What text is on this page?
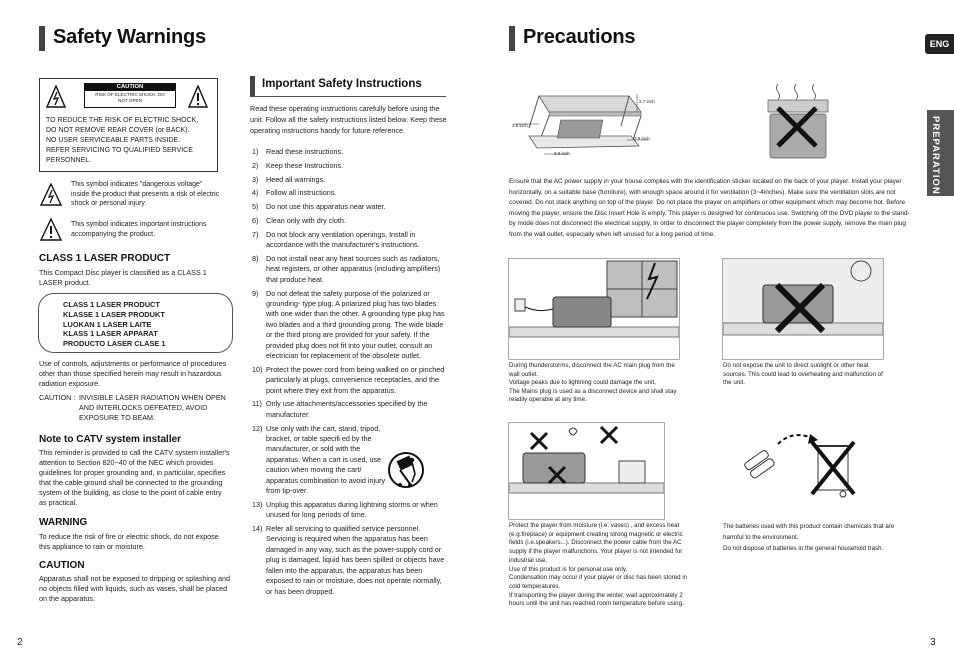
Safety Warnings
CAUTION
RISK OF ELECTRIC SHOCK. DO NOT OPEN
TO REDUCE THE RISK OF ELECTRIC SHOCK,
DO NOT REMOVE REAR COVER (or BACK).
NO USER SERVICEABLE PARTS INSIDE.
REFER SERVICING TO QUALIFIED SERVICE
PERSONNEL.
This symbol indicates "dangerous voltage" inside the product that presents a risk of electric shock or personal injury.
This symbol indicates important instructions accompanying the product.
CLASS 1 LASER PRODUCT
This Compact Disc player is classified as a CLASS 1 LASER product.
CLASS 1 LASER PRODUCT
KLASSE 1 LASER PRODUKT
LUOKAN 1 LASER LAITE
KLASS 1 LASER APPARAT
PRODUCTO LASER CLASE 1
Use of controls, adjustments or performance of procedures other than those specified herein may result in hazardous radiation exposure.
CAUTION : INVISIBLE LASER RADIATION WHEN OPEN AND INTERLOCKS DEFEATED, AVOID EXPOSURE TO BEAM.
Note to CATV system installer
This reminder is provided to call the CATV system installer's attention to Section 820~40 of the NEC which provides guidelines for proper grounding and, in particular, specifies that the cable ground shall be connected to the grounding system of the building, as close to the point of cable entry as practical.
WARNING
To reduce the risk of fire or electric shock, do not expose this appliance to rain or moisture.
CAUTION
Apparatus shall not be exposed to dripping or splashing and no objects filled with liquids, such as vases, shall be placed on the apparatus.
2
Important Safety Instructions
Read these operating instructions carefully before using the unit. Follow all the safety instructions listed below. Keep these operating instructions handy for future reference.
1) Read these instructions.
2) Keep these Instructions.
3) Heed all warnings.
4) Follow all instructions.
5) Do not use this apparatus near water.
6) Clean only with dry cloth.
7) Do not block any ventilation openings, Install in accordance with the manufacturer's instructions.
8) Do not install near any heat sources such as radiators, heat registers, or other apparatus (including amplifiers) that produce heat.
9) Do not defeat the safety purpose of the polarized or grounding- type plug. A polarized plug has two blades with one wider than the other. A grounding type plug has two blades and a third grounding prong. The wide blade or the third prong are provided for your safety. If the provided plug does not fit into your outlet, consult an electrician for replacement of the obsolete outlet.
10) Protect the power cord from being walked on or pinched particularly at plugs, convenience receptacles, and the point where they exit from the apparatus.
11) Only use attachments/accessories specified by the manufacturer.
12) Use only with the cart, stand, tripod, bracket, or table specifi ed by the manufacturer, or sold with the apparatus. When a cart is used, use caution when moving the cart/ apparatus combination to avoid injury from tip-over.
13) Unplug this apparatus during lightning storms or when unused for long periods of time.
14) Refer all servicing to qualified service personnel. Servicing is required when the apparatus has been damaged in any way, such as the power-supply cord or plug is damaged, liquid has been spilled or objects have fallen into the apparatus, the apparatus has been exposed to rain or moisture, does not operate normally, or has been dropped.
Precautions	ENG
PREPARATION
2.7 inch
3.9 inch
3.9 inch
3.9 inch
Ensure that the AC power supply in your house complies with the identification sticker located on the back of your player. Install your player horizontally, on a suitable base (furniture), with enough space around it for ventilation (3~4inches). Make sure the ventilation slots are not covered. Do not stack anything on top of the player. Do not place the player on amplifiers or other equipment which may become hot. Before moving the player, ensure the Disc Insert Hole is empty. This player is designed for continuous use. Switching off the DVD player to the stand-by mode does not disconnect the electrical supply. In order to disconnect the player completely from the power supply, remove the main plug from the wall outlet, especially when left unused for a long period of time.

During thunderstorms, disconnect the AC main plug from the wall outlet.

Voltage peaks due to lightning could damage the unit.

The Mains plug is used as a disconnect device and shall stay readily operable at any time.

Do not expose the unit to direct sunlight or other heat sources. This could lead to overheating and malfunction of the unit.

Protect the player from moisture (i.e. vases) , and excess heat (e.g.fireplace) or equipment creating strong magnetic or electric fields (i.e.speakers...). Disconnect the power cable from the AC supply if the player malfunctions. Your player is not intended for industrial use.

Use of this product is for personal use only.

Condensation may occur if your player or disc has been stored in cold temperatures.

If transporting the player during the winter, wait approximately 2 hours until the unit has reached room temperature before using.

The batteries used with this product contain chemicals that are harmful to the environment.

Do not dispose of batteries in the general household trash.

3
